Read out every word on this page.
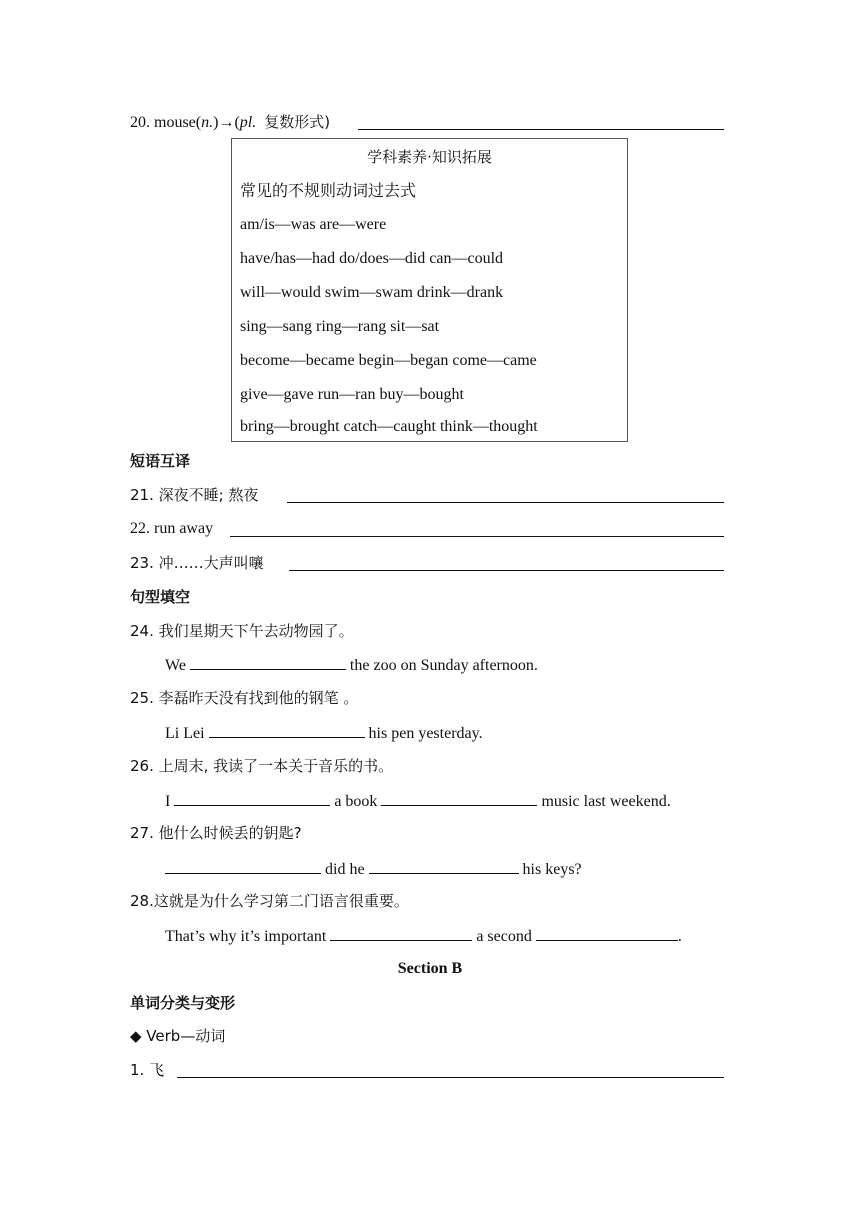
20. mouse(n.)→(pl. 复数形式)
学科素养·知识拓展
常见的不规则动词过去式
am/is—was are—were
have/has—had do/does—did can—could
will—would swim—swam drink—drank
sing—sang ring—rang sit—sat
become—became begin—began come—came
give—gave run—ran buy—bought
bring—brought catch—caught think—thought
短语互译
21. 深夜不睡; 熬夜
22. run away
23. 冲……大声叫嚷
句型填空
24. 我们星期天下午去动物园了。
We	the zoo on Sunday afternoon.
25. 李磊昨天没有找到他的钢笔 。
Li Lei	his pen yesterday.
26. 上周末, 我读了一本关于音乐的书。
I	a book	music last weekend.
27. 他什么时候丢的钥匙?
did he	his keys?
28.这就是为什么学习第二门语言很重要。
That’s why it’s important	a second	.
Section B
单词分类与变形
◆ Verb—动词
1. 飞
